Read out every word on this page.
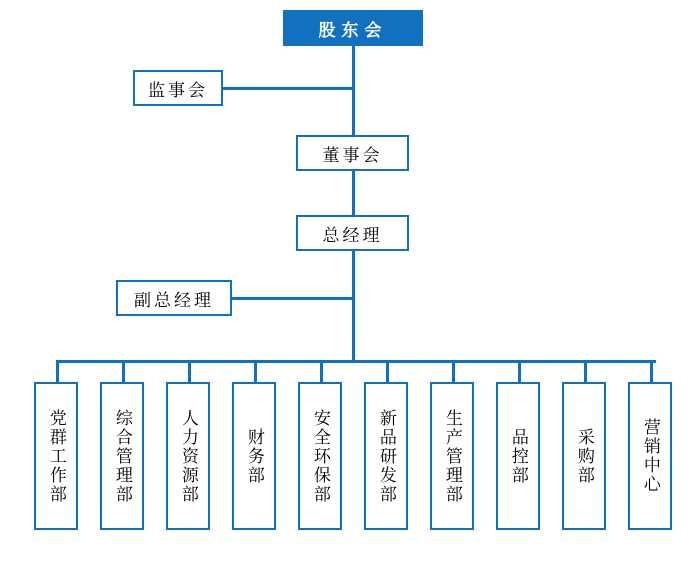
股东会
监事会
董事会
总经理
副总经理
党群工作部	综合管理部	人力资源部	财务部	安全环保部	新品研发部	生产管理部	品控部	采购部	营销中心
